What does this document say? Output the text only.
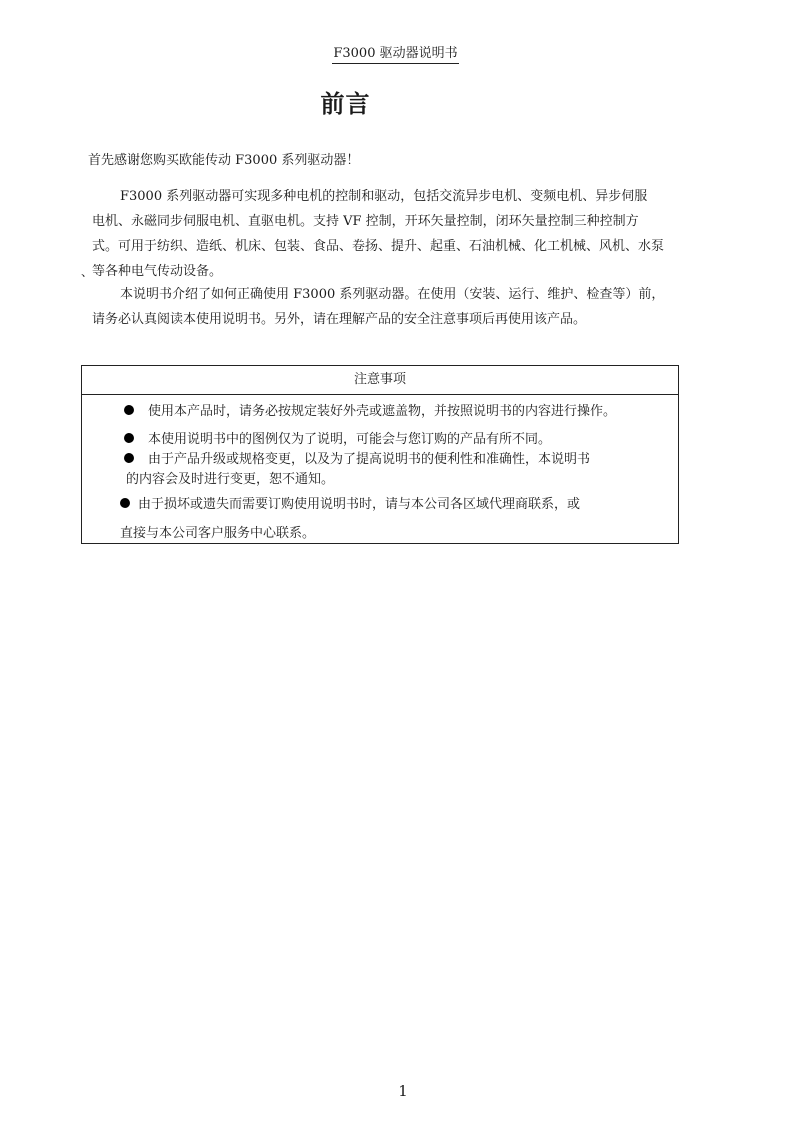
F3000 驱动器说明书
前言

首先感谢您购买欧能传动 F3000 系列驱动器！

F3000 系列驱动器可实现多种电机的控制和驱动，包括交流异步电机、变频电机、异步伺服
电机、永磁同步伺服电机、直驱电机。支持 VF 控制，开环矢量控制，闭环矢量控制三种控制方
式。可用于纺织、造纸、机床、包装、食品、卷扬、提升、起重、石油机械、化工机械、风机、水泵
等各种电气传动设备。
、
本说明书介绍了如何正确使用 F3000 系列驱动器。在使用（安装、运行、维护、检查等）前，
请务必认真阅读本使用说明书。另外，请在理解产品的安全注意事项后再使用该产品。
注意事项
使用本产品时，请务必按规定装好外壳或遮盖物，并按照说明书的内容进行操作。
本使用说明书中的图例仅为了说明，可能会与您订购的产品有所不同。
由于产品升级或规格变更，以及为了提高说明书的便利性和准确性，本说明书
的内容会及时进行变更，恕不通知。
由于损坏或遗失而需要订购使用说明书时，请与本公司各区域代理商联系，或
直接与本公司客户服务中心联系。
1
